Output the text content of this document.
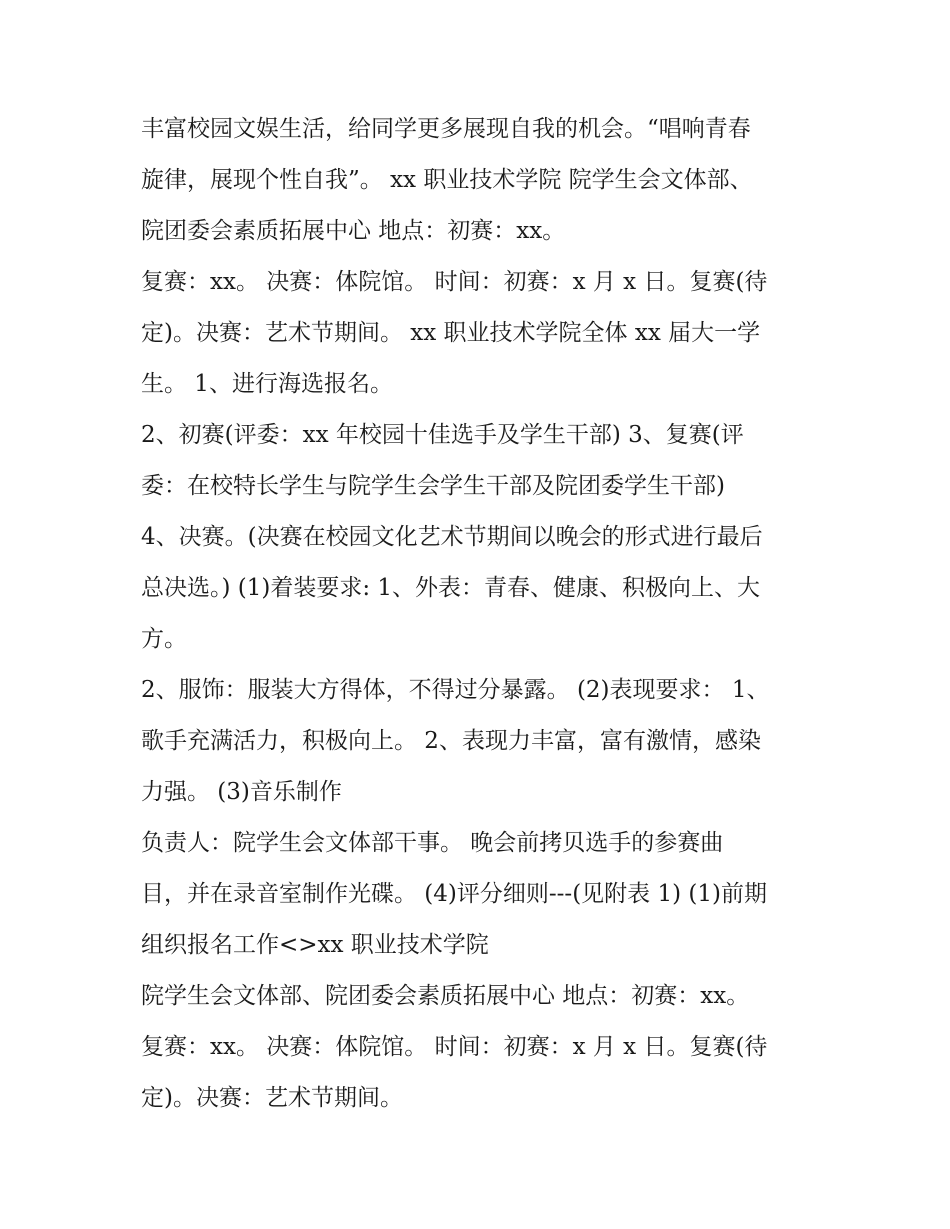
丰富校园文娱生活，给同学更多展现自我的机会。“唱响青春
旋律，展现个性自我”。 xx 职业技术学院 院学生会文体部、
院团委会素质拓展中心 地点：初赛：xx。
复赛：xx。 决赛：体院馆。 时间：初赛：x 月 x 日。复赛(待
定)。决赛：艺术节期间。 xx 职业技术学院全体 xx 届大一学
生。 1、进行海选报名。
2、初赛(评委：xx 年校园十佳选手及学生干部) 3、复赛(评
委：在校特长学生与院学生会学生干部及院团委学生干部)
4、决赛。(决赛在校园文化艺术节期间以晚会的形式进行最后
总决选。) (1)着装要求: 1、外表：青春、健康、积极向上、大
方。
2、服饰：服装大方得体，不得过分暴露。 (2)表现要求： 1、
歌手充满活力，积极向上。 2、表现力丰富，富有激情，感染
力强。 (3)音乐制作
负责人：院学生会文体部干事。 晚会前拷贝选手的参赛曲
目，并在录音室制作光碟。 (4)评分细则---(见附表 1) (1)前期
组织报名工作<>xx 职业技术学院
院学生会文体部、院团委会素质拓展中心 地点：初赛：xx。
复赛：xx。 决赛：体院馆。 时间：初赛：x 月 x 日。复赛(待
定)。决赛：艺术节期间。
